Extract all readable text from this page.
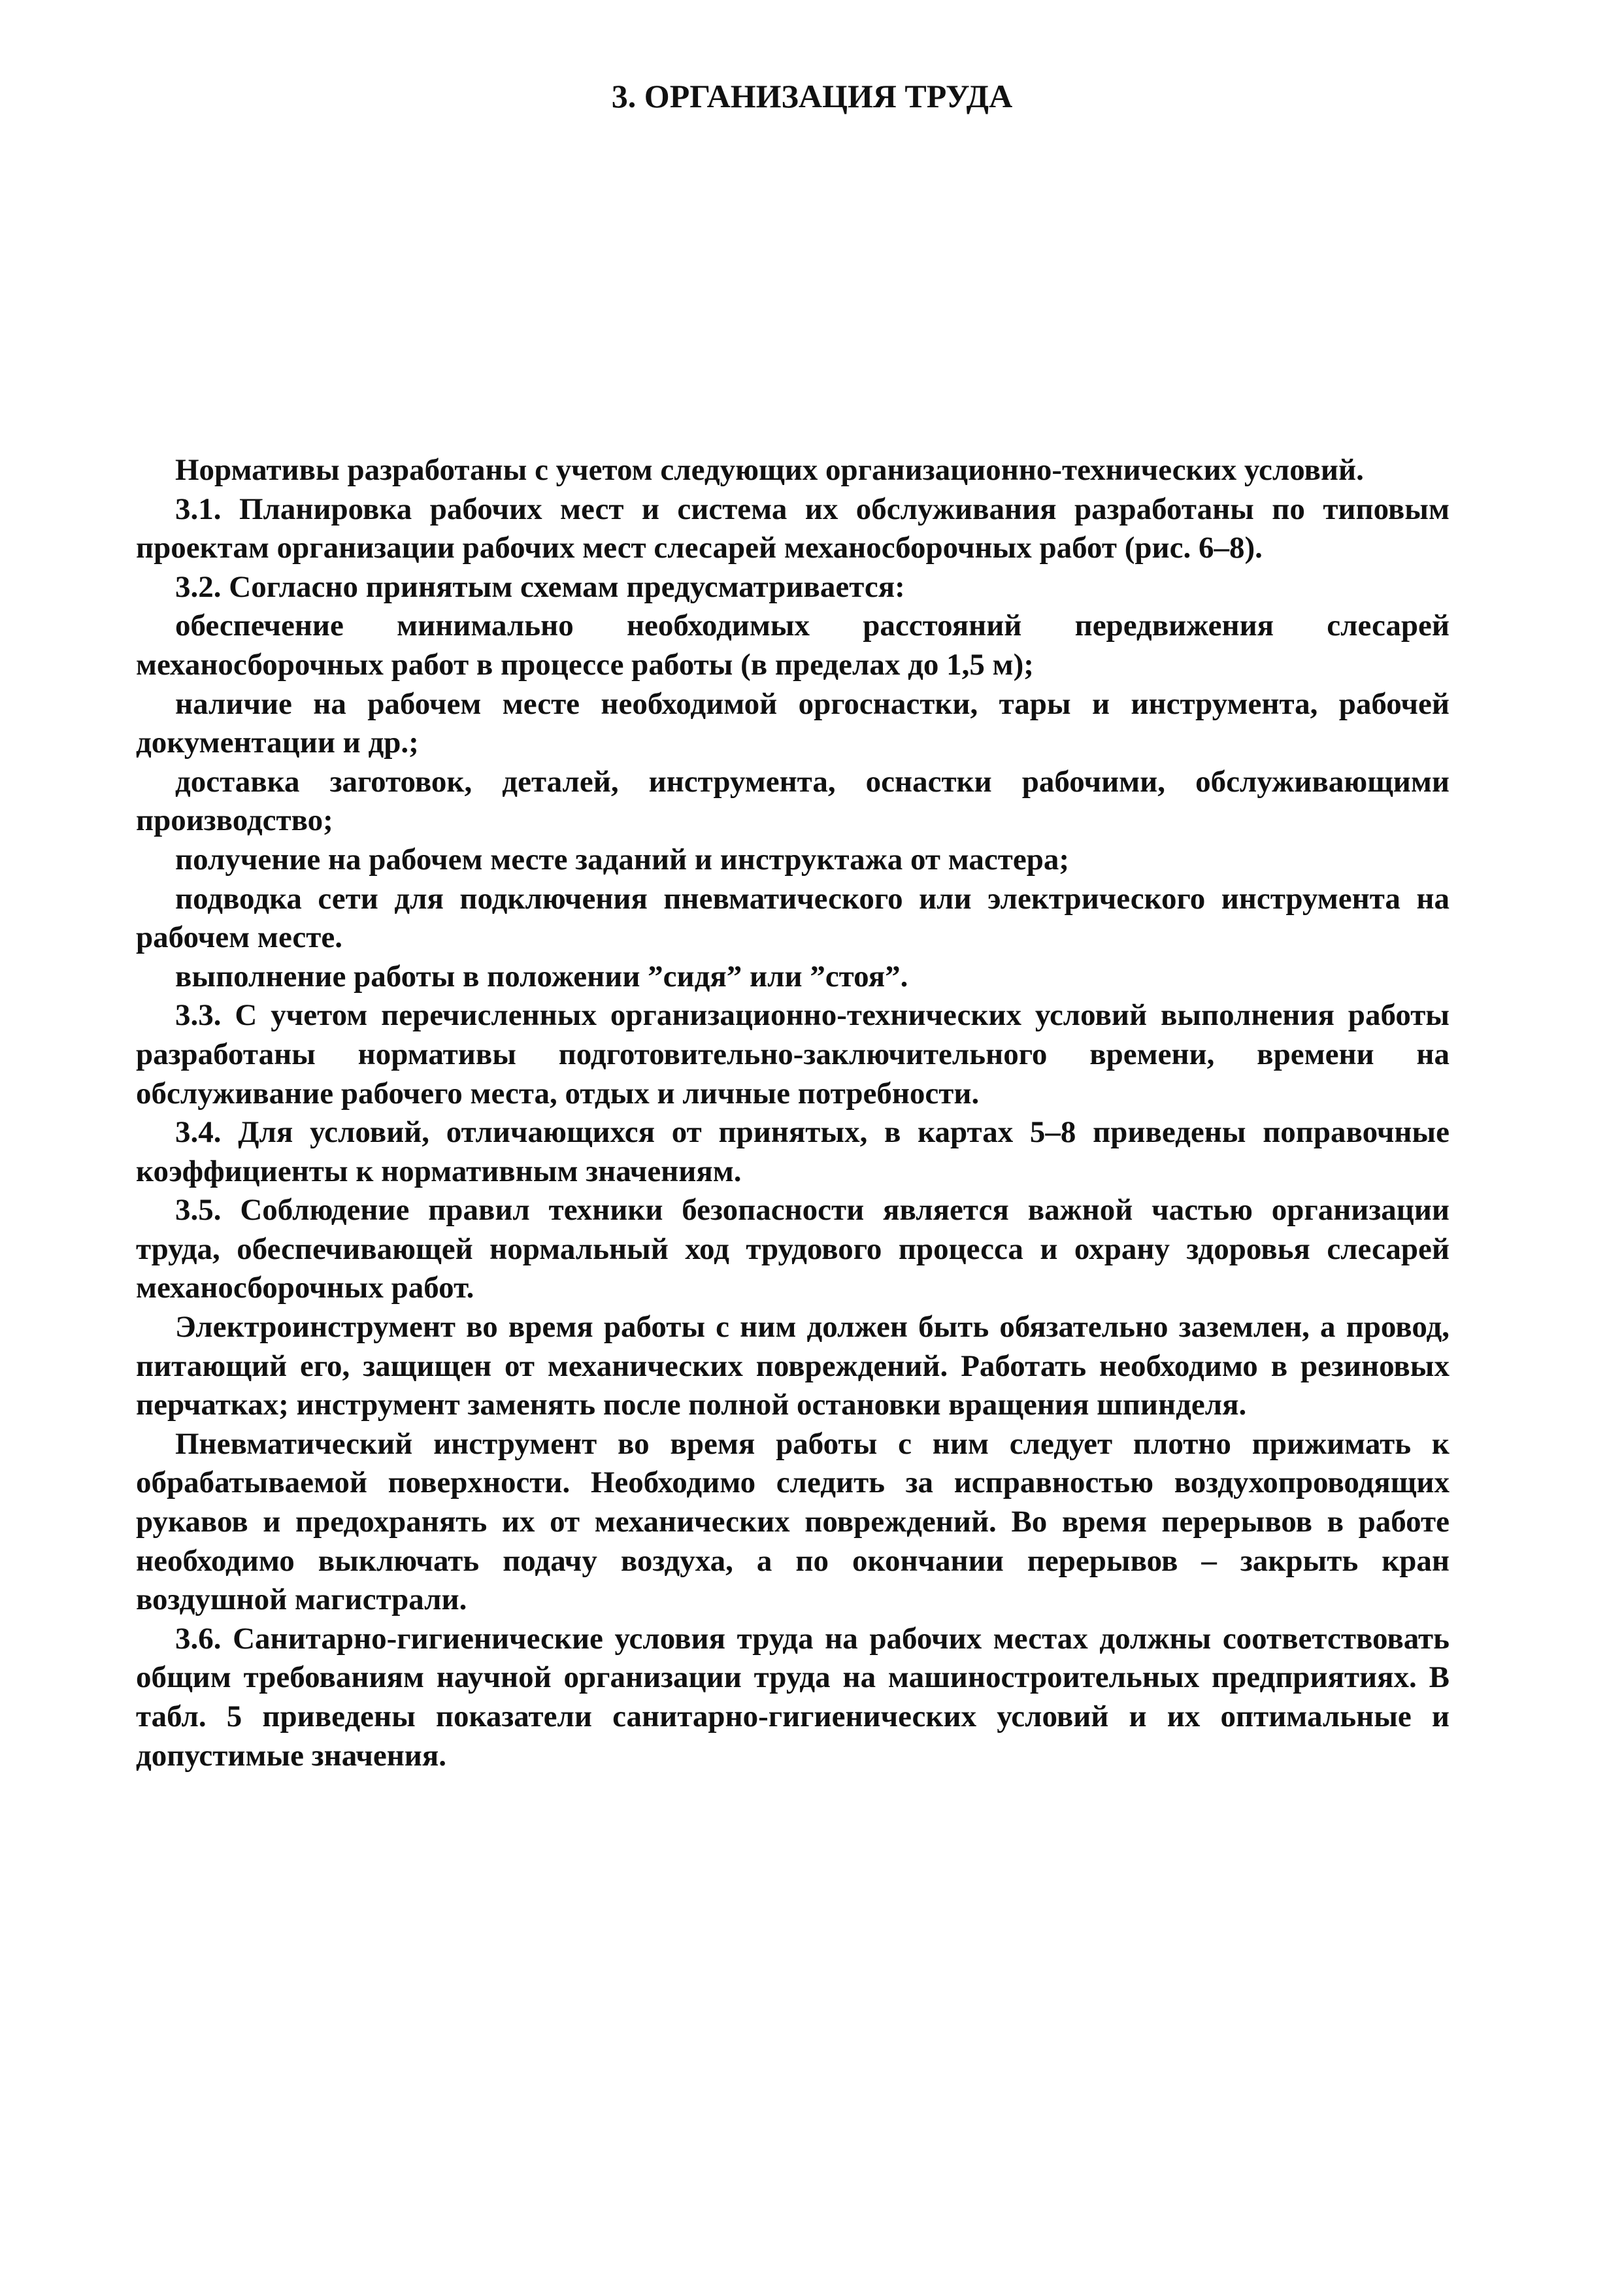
3. ОРГАНИЗАЦИЯ ТРУДА

Нормативы разработаны с учетом следующих организационно-технических условий.

3.1. Планировка рабочих мест и система их обслуживания разработаны по типовым проектам организации рабочих мест слесарей механосборочных работ (рис. 6–8).

3.2. Согласно принятым схемам предусматривается:

обеспечение минимально необходимых расстояний передвижения слесарей механосборочных работ в процессе работы (в пределах до 1,5 м);

наличие на рабочем месте необходимой оргоснастки, тары и инструмента, рабочей документации и др.;

доставка заготовок, деталей, инструмента, оснастки рабочими, обслуживающими производство;

получение на рабочем месте заданий и инструктажа от мастера;

подводка сети для подключения пневматического или электрического инструмента на рабочем месте.

выполнение работы в положении ”сидя” или ”стоя”.

3.3. С учетом перечисленных организационно-технических условий выполнения работы разработаны нормативы подготовительно-заключительного времени, времени на обслуживание рабочего места, отдых и личные потребности.

3.4. Для условий, отличающихся от принятых, в картах 5–8 приведены поправочные коэффициенты к нормативным значениям.

3.5. Соблюдение правил техники безопасности является важной частью организации труда, обеспечивающей нормальный ход трудового процесса и охрану здоровья слесарей механосборочных работ.

Электроинструмент во время работы с ним должен быть обязательно заземлен, а провод, питающий его, защищен от механических повреждений. Работать необходимо в резиновых перчатках; инструмент заменять после полной остановки вращения шпинделя.

Пневматический инструмент во время работы с ним следует плотно прижимать к обрабатываемой поверхности. Необходимо следить за исправностью воздухопроводящих рукавов и предохранять их от механических повреждений. Во время перерывов в работе необходимо выключать подачу воздуха, а по окончании перерывов – закрыть кран воздушной магистрали.

3.6. Санитарно-гигиенические условия труда на рабочих местах должны соответствовать общим требованиям научной организации труда на машиностроительных предприятиях. В табл. 5 приведены показатели санитарно-гигиенических условий и их оптимальные и допустимые значения.
